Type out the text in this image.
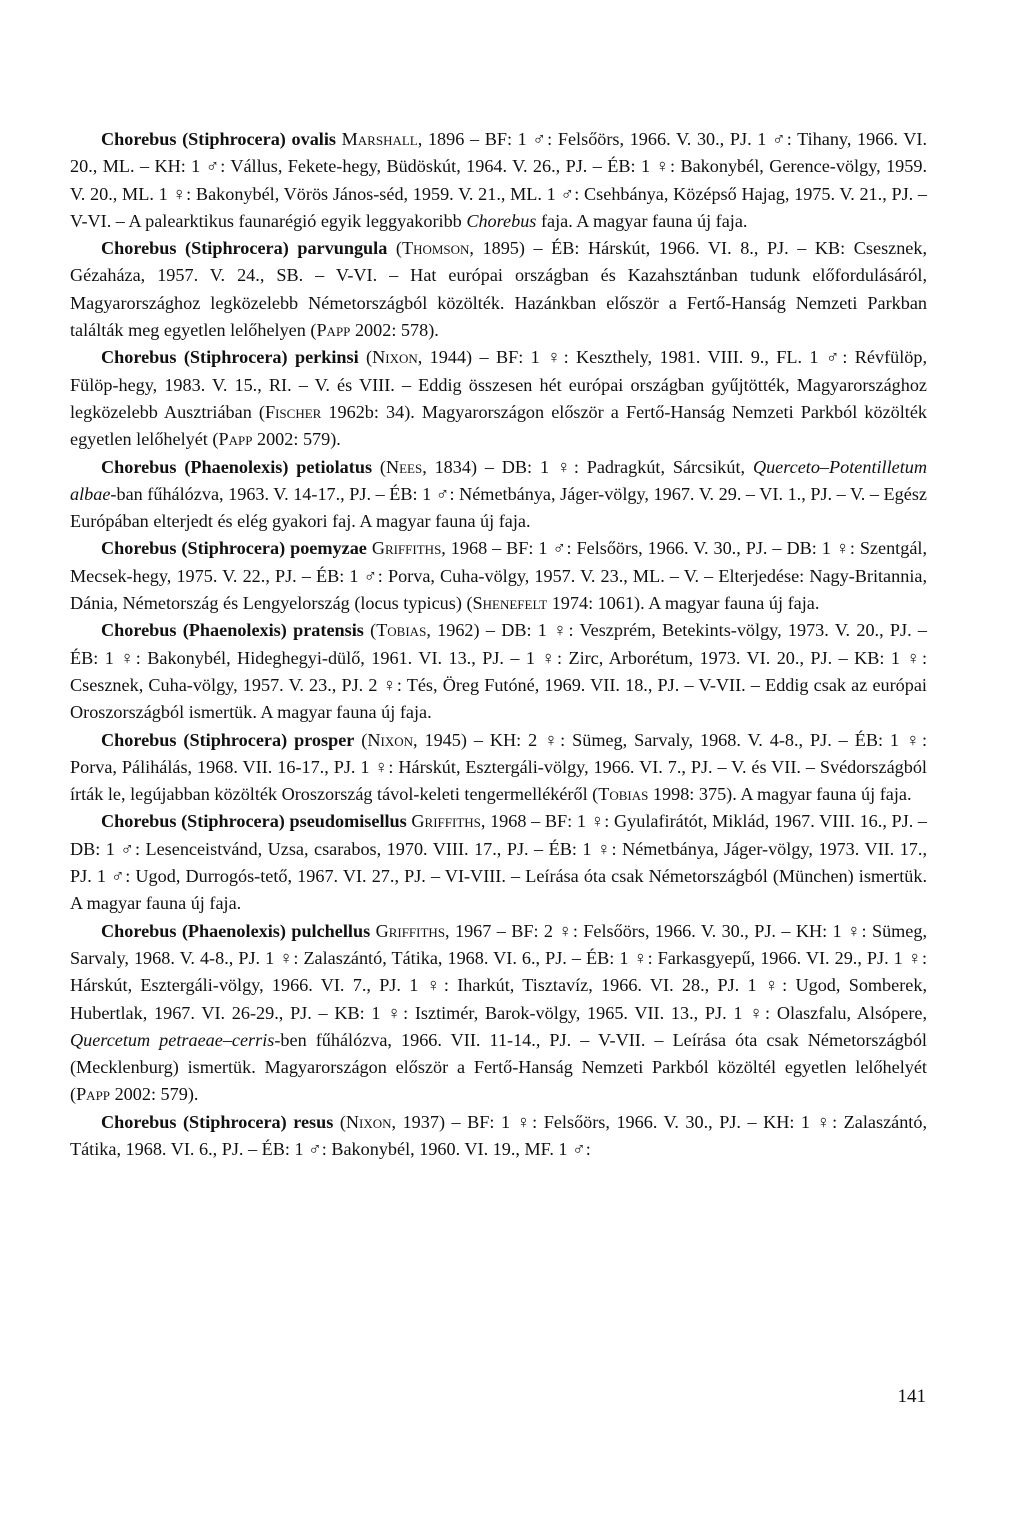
Chorebus (Stiphrocera) ovalis Marshall, 1896 – BF: 1 ♂: Felsőörs, 1966. V. 30., PJ. 1 ♂: Tihany, 1966. VI. 20., ML. – KH: 1 ♂: Vállus, Fekete-hegy, Büdöskút, 1964. V. 26., PJ. – ÉB: 1 ♀: Bakonybél, Gerence-völgy, 1959. V. 20., ML. 1 ♀: Bakonybél, Vörös János-séd, 1959. V. 21., ML. 1 ♂: Csehbánya, Középső Hajag, 1975. V. 21., PJ. – V-VI. – A palearktikus faunarégió egyik leggyakoribb Chorebus faja. A magyar fauna új faja.

Chorebus (Stiphrocera) parvungula (Thomson, 1895) – ÉB: Hárskút, 1966. VI. 8., PJ. – KB: Csesznek, Gézaháza, 1957. V. 24., SB. – V-VI. – Hat európai országban és Kazahsztánban tudunk előfordulásáról, Magyarországhoz legközelebb Németországból közölték. Hazánkban először a Fertő-Hanság Nemzeti Parkban találták meg egyetlen lelőhelyen (Papp 2002: 578).

Chorebus (Stiphrocera) perkinsi (Nixon, 1944) – BF: 1 ♀: Keszthely, 1981. VIII. 9., FL. 1 ♂: Révfülöp, Fülöp-hegy, 1983. V. 15., RI. – V. és VIII. – Eddig összesen hét európai országban gyűjtötték, Magyarországhoz legközelebb Ausztriában (Fischer 1962b: 34). Magyarországon először a Fertő-Hanság Nemzeti Parkból közölték egyetlen lelőhelyét (Papp 2002: 579).

Chorebus (Phaenolexis) petiolatus (Nees, 1834) – DB: 1 ♀: Padragkút, Sárcsikút, Querceto–Potentilletum albae-ban fűhálózva, 1963. V. 14-17., PJ. – ÉB: 1 ♂: Németbánya, Jáger-völgy, 1967. V. 29. – VI. 1., PJ. – V. – Egész Európában elterjedt és elég gyakori faj. A magyar fauna új faja.

Chorebus (Stiphrocera) poemyzae Griffiths, 1968 – BF: 1 ♂: Felsőörs, 1966. V. 30., PJ. – DB: 1 ♀: Szentgál, Mecsek-hegy, 1975. V. 22., PJ. – ÉB: 1 ♂: Porva, Cuha-völgy, 1957. V. 23., ML. – V. – Elterjedése: Nagy-Britannia, Dánia, Németország és Lengyelország (locus typicus) (Shenefelt 1974: 1061). A magyar fauna új faja.

Chorebus (Phaenolexis) pratensis (Tobias, 1962) – DB: 1 ♀: Veszprém, Betekints-völgy, 1973. V. 20., PJ. – ÉB: 1 ♀: Bakonybél, Hideghegyi-dülő, 1961. VI. 13., PJ. – 1 ♀: Zirc, Arborétum, 1973. VI. 20., PJ. – KB: 1 ♀: Csesznek, Cuha-völgy, 1957. V. 23., PJ. 2 ♀: Tés, Öreg Futóné, 1969. VII. 18., PJ. – V-VII. – Eddig csak az európai Oroszországból ismertük. A magyar fauna új faja.

Chorebus (Stiphrocera) prosper (Nixon, 1945) – KH: 2 ♀: Sümeg, Sarvaly, 1968. V. 4-8., PJ. – ÉB: 1 ♀: Porva, Pálihálás, 1968. VII. 16-17., PJ. 1 ♀: Hárskút, Esztergáli-völgy, 1966. VI. 7., PJ. – V. és VII. – Svédországból írták le, legújabban közölték Oroszország távol-keleti tengermellékéről (Tobias 1998: 375). A magyar fauna új faja.

Chorebus (Stiphrocera) pseudomisellus Griffiths, 1968 – BF: 1 ♀: Gyulafirátót, Miklád, 1967. VIII. 16., PJ. – DB: 1 ♂: Lesenceistvánd, Uzsa, csarabos, 1970. VIII. 17., PJ. – ÉB: 1 ♀: Németbánya, Jáger-völgy, 1973. VII. 17., PJ. 1 ♂: Ugod, Durrogós-tető, 1967. VI. 27., PJ. – VI-VIII. – Leírása óta csak Németországból (München) ismertük. A magyar fauna új faja.

Chorebus (Phaenolexis) pulchellus Griffiths, 1967 – BF: 2 ♀: Felsőörs, 1966. V. 30., PJ. – KH: 1 ♀: Sümeg, Sarvaly, 1968. V. 4-8., PJ. 1 ♀: Zalaszántó, Tátika, 1968. VI. 6., PJ. – ÉB: 1 ♀: Farkasgyepű, 1966. VI. 29., PJ. 1 ♀: Hárskút, Esztergáli-völgy, 1966. VI. 7., PJ. 1 ♀: Iharkút, Tisztavíz, 1966. VI. 28., PJ. 1 ♀: Ugod, Somberek, Hubertlak, 1967. VI. 26-29., PJ. – KB: 1 ♀: Isztimér, Barok-völgy, 1965. VII. 13., PJ. 1 ♀: Olaszfalu, Alsópere, Quercetum petraeae–cerris-ben fűhálózva, 1966. VII. 11-14., PJ. – V-VII. – Leírása óta csak Németországból (Mecklenburg) ismertük. Magyarországon először a Fertő-Hanság Nemzeti Parkból közöltél egyetlen lelőhelyét (Papp 2002: 579).

Chorebus (Stiphrocera) resus (Nixon, 1937) – BF: 1 ♀: Felsőörs, 1966. V. 30., PJ. – KH: 1 ♀: Zalaszántó, Tátika, 1968. VI. 6., PJ. – ÉB: 1 ♂: Bakonybél, 1960. VI. 19., MF. 1 ♂:

141
